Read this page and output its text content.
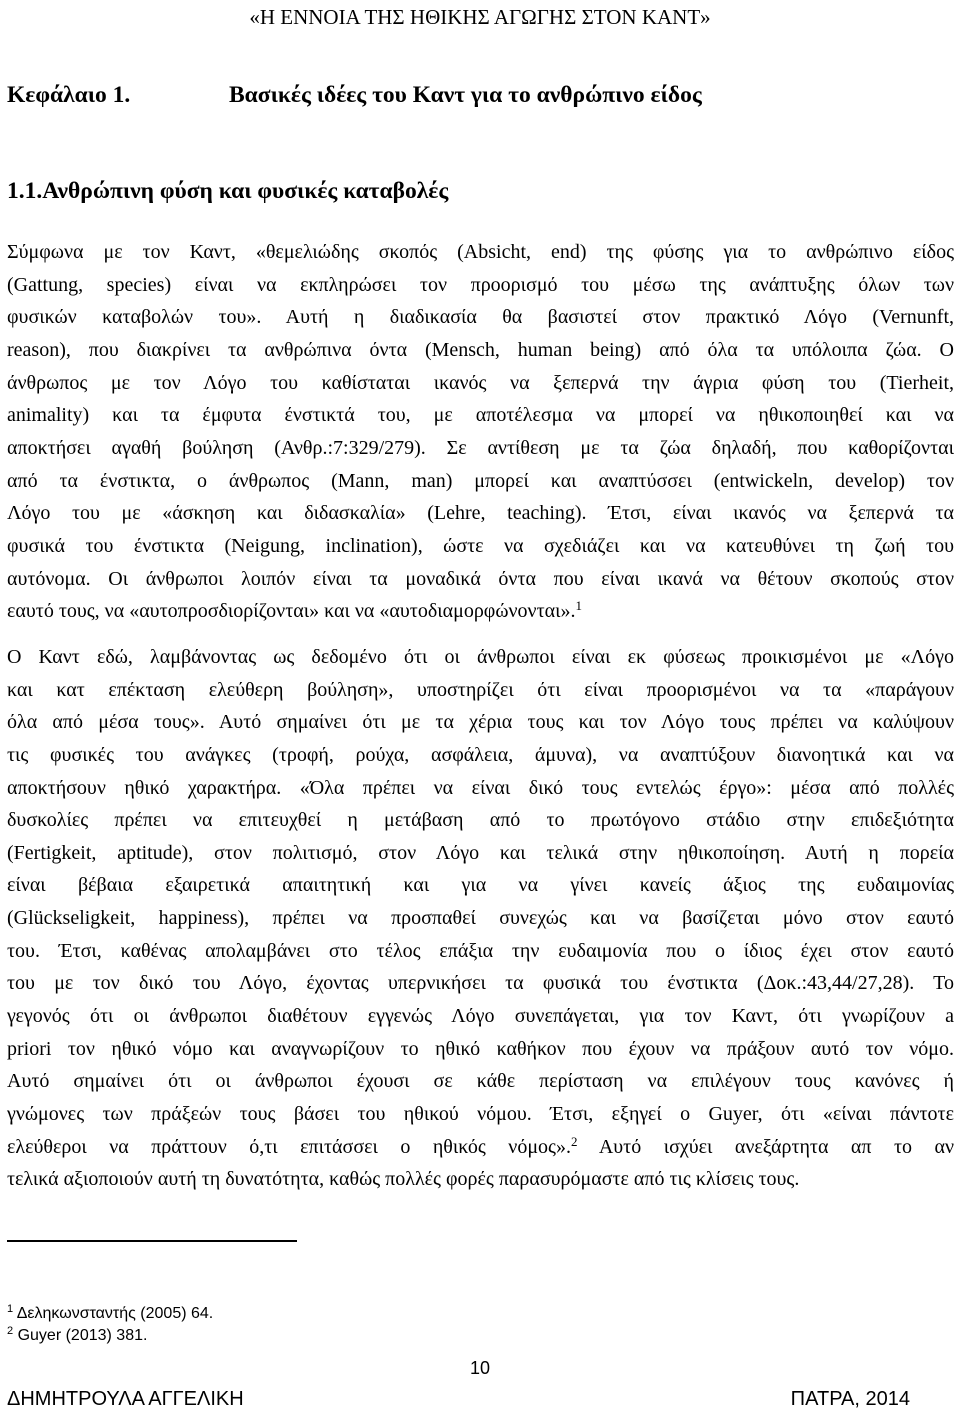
«Η ΕΝΝΟΙΑ ΤΗΣ ΗΘΙΚΗΣ ΑΓΩΓΗΣ ΣΤΟΝ ΚΑΝΤ»
Κεφάλαιο 1.	Βασικές ιδέες του Καντ για το ανθρώπινο είδος
1.1.Ανθρώπινη φύση και φυσικές καταβολές
Σύμφωνα με τον Καντ, «θεμελιώδης σκοπός (Absicht, end) της φύσης για το ανθρώπινο είδος
(Gattung, species) είναι να εκπληρώσει τον προορισμό του μέσω της ανάπτυξης όλων των
φυσικών καταβολών του». Αυτή η διαδικασία θα βασιστεί στον πρακτικό Λόγο (Vernunft,
reason), που διακρίνει τα ανθρώπινα όντα (Mensch, human being) από όλα τα υπόλοιπα ζώα. Ο
άνθρωπος με τον Λόγο του καθίσταται ικανός να ξεπερνά την άγρια φύση του (Tierheit,
animality) και τα έμφυτα ένστικτά του, με αποτέλεσμα να μπορεί να ηθικοποιηθεί και να
αποκτήσει αγαθή βούληση (Ανθρ.:7:329/279). Σε αντίθεση με τα ζώα δηλαδή, που καθορίζονται
από τα ένστικτα, ο άνθρωπος (Mann, man) μπορεί και αναπτύσσει (entwickeln, develop) τον
Λόγο του με «άσκηση και διδασκαλία» (Lehre, teaching). Έτσι, είναι ικανός να ξεπερνά τα
φυσικά του ένστικτα (Neigung, inclination), ώστε να σχεδιάζει και να κατευθύνει τη ζωή του
αυτόνομα. Οι άνθρωποι λοιπόν είναι τα μοναδικά όντα που είναι ικανά να θέτουν σκοπούς στον
εαυτό τους, να «αυτοπροσδιορίζονται» και να «αυτοδιαμορφώνονται».$^1$
Ο Καντ εδώ, λαμβάνοντας ως δεδομένο ότι οι άνθρωποι είναι εκ φύσεως προικισμένοι με «Λόγο
και κατ επέκταση ελεύθερη βούληση», υποστηρίζει ότι είναι προορισμένοι να τα «παράγουν
όλα από μέσα τους». Αυτό σημαίνει ότι με τα χέρια τους και τον Λόγο τους πρέπει να καλύψουν
τις φυσικές του ανάγκες (τροφή, ρούχα, ασφάλεια, άμυνα), να αναπτύξουν διανοητικά και να
αποκτήσουν ηθικό χαρακτήρα. «Όλα πρέπει να είναι δικό τους εντελώς έργο»: μέσα από πολλές
δυσκολίες πρέπει να επιτευχθεί η μετάβαση από το πρωτόγονο στάδιο στην επιδεξιότητα
(Fertigkeit, aptitude), στον πολιτισμό, στον Λόγο και τελικά στην ηθικοποίηση. Αυτή η πορεία
είναι βέβαια εξαιρετικά απαιτητική και για να γίνει κανείς άξιος της ευδαιμονίας
(Glückseligkeit, happiness), πρέπει να προσπαθεί συνεχώς και να βασίζεται μόνο στον εαυτό
του. Έτσι, καθένας απολαμβάνει στο τέλος επάξια την ευδαιμονία που ο ίδιος έχει στον εαυτό
του με τον δικό του Λόγο, έχοντας υπερνικήσει τα φυσικά του ένστικτα (Δοκ.:43,44/27,28). Το
γεγονός ότι οι άνθρωποι διαθέτουν εγγενώς Λόγο συνεπάγεται, για τον Καντ, ότι γνωρίζουν a
priori τον ηθικό νόμο και αναγνωρίζουν το ηθικό καθήκον που έχουν να πράξουν αυτό τον νόμο.
Αυτό σημαίνει ότι οι άνθρωποι έχουσι σε κάθε περίσταση να επιλέγουν τους κανόνες ή
γνώμονες των πράξεών τους βάσει του ηθικού νόμου. Έτσι, εξηγεί ο Guyer, ότι «είναι πάντοτε
ελεύθεροι να πράττουν ό,τι επιτάσσει ο ηθικός νόμος».$^2$ Αυτό ισχύει ανεξάρτητα απ το αν
τελικά αξιοποιούν αυτή τη δυνατότητα, καθώς πολλές φορές παρασυρόμαστε από τις κλίσεις τους.
$^1$ Δεληκωνσταντής (2005) 64.
$^2$ Guyer (2013) 381.
10
ΔΗΜΗΤΡΟΥΛΑ ΑΓΓΕΛΙΚΗ	ΠΑΤΡΑ, 2014
